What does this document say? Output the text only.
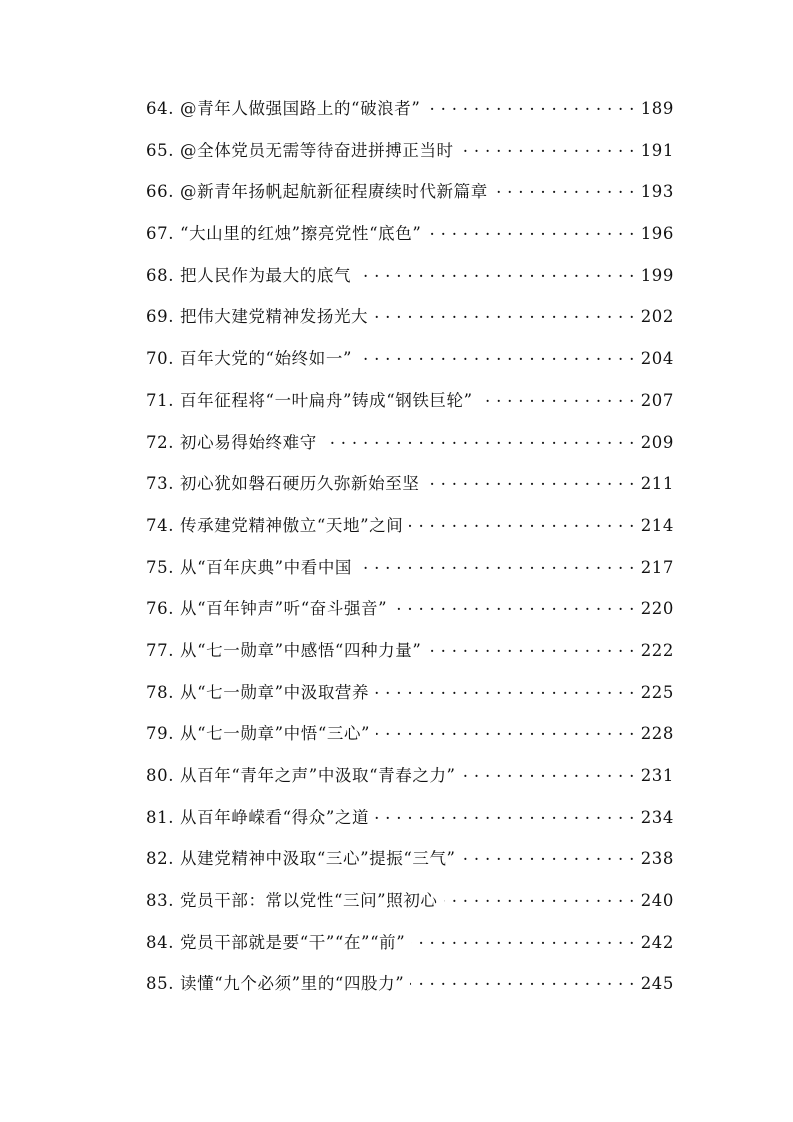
64. @青年人做强国路上的“破浪者” . . .	189
65. @全体党员无需等待奋进拼搏正当时 . . .	191
66. @新青年扬帆起航新征程赓续时代新篇章 . . .	193
67. “大山里的红烛”擦亮党性“底色” . . .	196
68. 把人民作为最大的底气 . . .	199
69. 把伟大建党精神发扬光大 . . .	202
70. 百年大党的“始终如一” . . .	204
71. 百年征程将“一叶扁舟”铸成“钢铁巨轮” . . .	207
72. 初心易得始终难守 . . .	209
73. 初心犹如磐石硬历久弥新始至坚 . . .	211
74. 传承建党精神傲立“天地”之间 . . .	214
75. 从“百年庆典”中看中国 . . .	217
76. 从“百年钟声”听“奋斗强音” . . .	220
77. 从“七一勋章”中感悟“四种力量” . . .	222
78. 从“七一勋章”中汲取营养 . . .	225
79. 从“七一勋章”中悟“三心” . . .	228
80. 从百年“青年之声”中汲取“青春之力” . . .	231
81. 从百年峥嵘看“得众”之道 . . .	234
82. 从建党精神中汲取“三心”提振“三气” . . .	238
83. 党员干部：常以党性“三问”照初心 . . .	240
84. 党员干部就是要“干”“在”“前” . . .	242
85. 读懂“九个必须”里的“四股力” . . .	245
